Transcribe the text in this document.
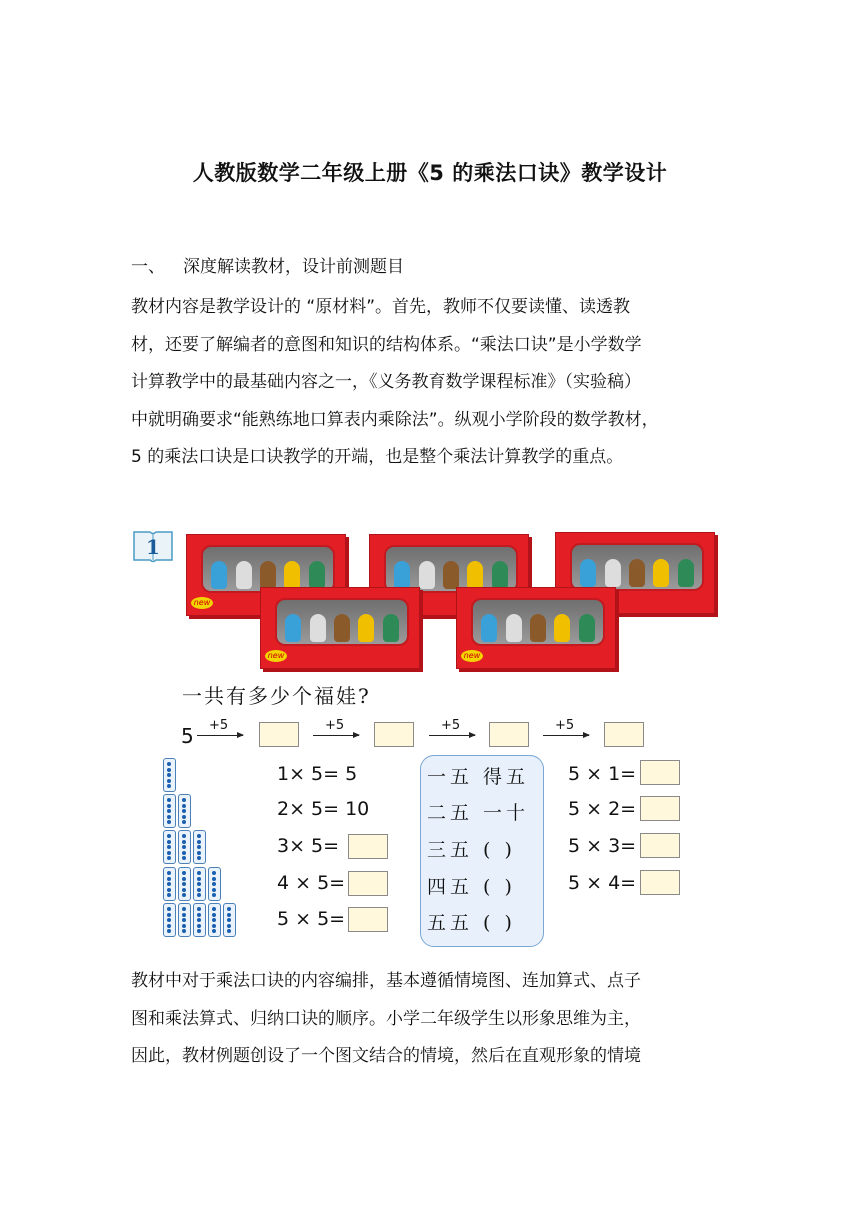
人教版数学二年级上册《5 的乘法口诀》教学设计
一、 深度解读教材，设计前测题目
教材内容是教学设计的 “原材料”。首先，教师不仅要读懂、读透教
材，还要了解编者的意图和知识的结构体系。“乘法口诀”是小学数学
计算教学中的最基础内容之一，《义务教育数学课程标准》（实验稿）
中就明确要求“能熟练地口算表内乘除法”。纵观小学阶段的数学教材，
5 的乘法口诀是口诀教学的开端，也是整个乘法计算教学的重点。
1
new
new	new
一共有多少个福娃?
5 +5	+5	+5	+5
1× 5= 5
2× 5= 10
3× 5=
4 × 5=
5 × 5=
一五 得五
二五 一十
三五 ( )
四五 ( )
五五 ( )
5 × 1=
5 × 2=
5 × 3=
5 × 4=
教材中对于乘法口诀的内容编排，基本遵循情境图、连加算式、点子
图和乘法算式、归纳口诀的顺序。小学二年级学生以形象思维为主，
因此，教材例题创设了一个图文结合的情境，然后在直观形象的情境
